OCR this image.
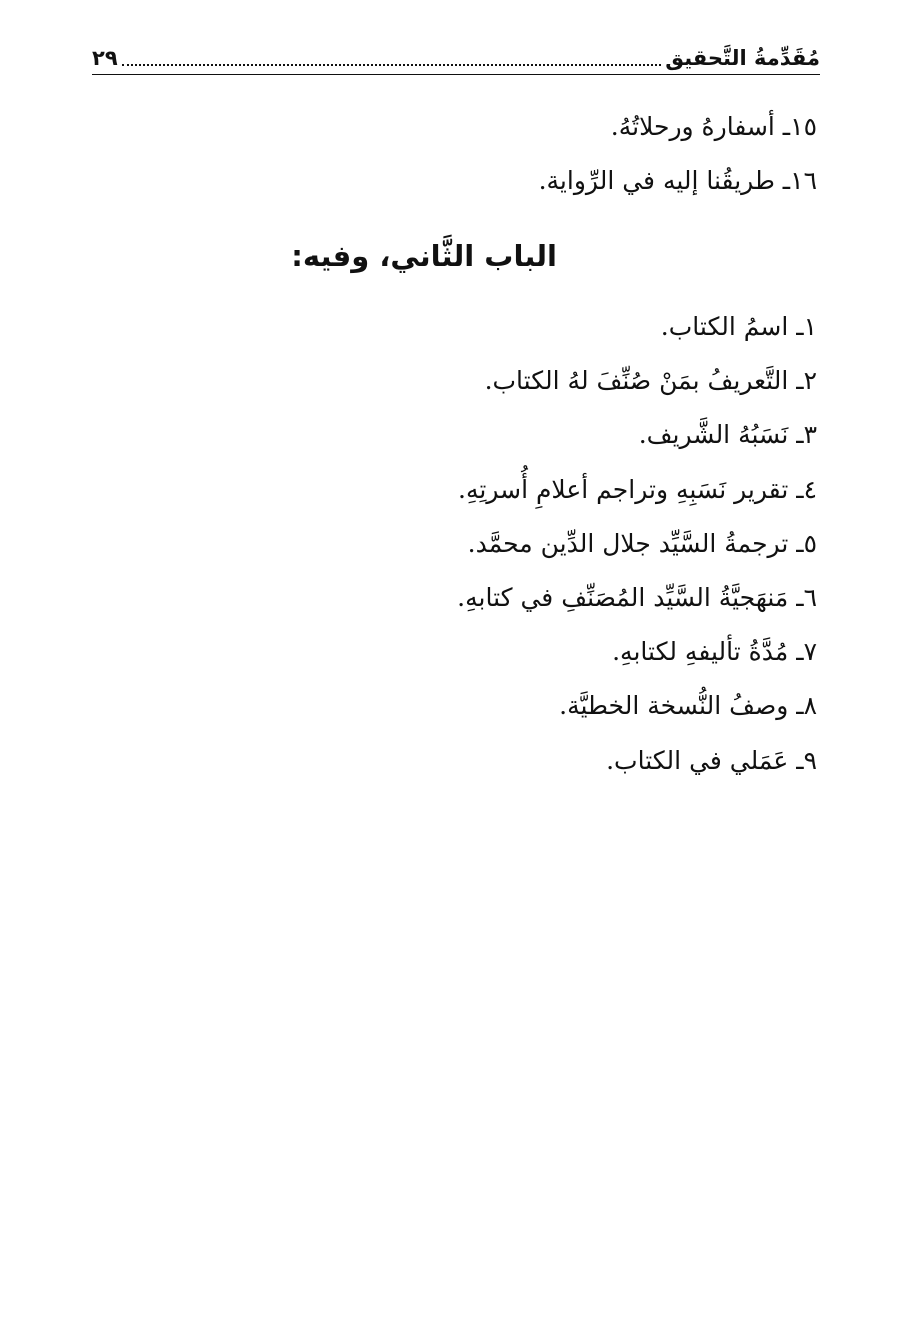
مُقَدِّمةُ التَّحقيق
٢٩
١٥ـ أسفارهُ ورحلاتُهُ.
١٦ـ طريقُنا إليه في الرِّواية.
الباب الثَّاني، وفيه:
١ـ اسمُ الكتاب.
٢ـ التَّعريفُ بمَنْ صُنِّفَ لهُ الكتاب.
٣ـ نَسَبُهُ الشَّريف.
٤ـ تقرير نَسَبِهِ وتراجم أعلامِ أُسرتِهِ.
٥ـ ترجمةُ السَّيِّد جلال الدِّين محمَّد.
٦ـ مَنهَجيَّةُ السَّيِّد المُصَنِّفِ في كتابهِ.
٧ـ مُدَّةُ تأليفهِ لكتابهِ.
٨ـ وصفُ النُّسخة الخطيَّة.
٩ـ عَمَلي في الكتاب.
